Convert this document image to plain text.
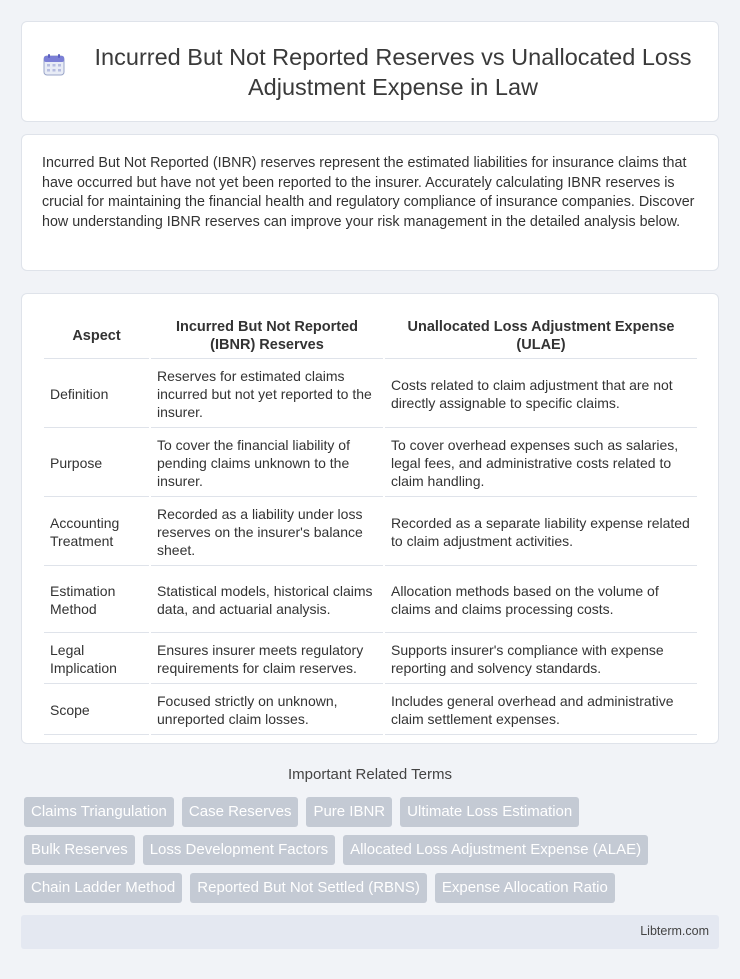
Incurred But Not Reported Reserves vs Unallocated Loss Adjustment Expense in Law

Incurred But Not Reported (IBNR) reserves represent the estimated liabilities for insurance claims that have occurred but have not yet been reported to the insurer. Accurately calculating IBNR reserves is crucial for maintaining the financial health and regulatory compliance of insurance companies. Discover how understanding IBNR reserves can improve your risk management in the detailed analysis below.

Aspect	Incurred But Not Reported (IBNR) Reserves	Unallocated Loss Adjustment Expense (ULAE)
Definition	Reserves for estimated claims incurred but not yet reported to the insurer.	Costs related to claim adjustment that are not directly assignable to specific claims.
Purpose	To cover the financial liability of pending claims unknown to the insurer.	To cover overhead expenses such as salaries, legal fees, and administrative costs related to claim handling.
Accounting Treatment	Recorded as a liability under loss reserves on the insurer's balance sheet.	Recorded as a separate liability expense related to claim adjustment activities.
Estimation Method	Statistical models, historical claims data, and actuarial analysis.	Allocation methods based on the volume of claims and claims processing costs.
Legal Implication	Ensures insurer meets regulatory requirements for claim reserves.	Supports insurer's compliance with expense reporting and solvency standards.
Scope	Focused strictly on unknown, unreported claim losses.	Includes general overhead and administrative claim settlement expenses.
Important Related Terms
Claims Triangulation	Case Reserves	Pure IBNR	Ultimate Loss Estimation
Bulk Reserves	Loss Development Factors	Allocated Loss Adjustment Expense (ALAE)
Chain Ladder Method	Reported But Not Settled (RBNS)	Expense Allocation Ratio
Libterm.com
